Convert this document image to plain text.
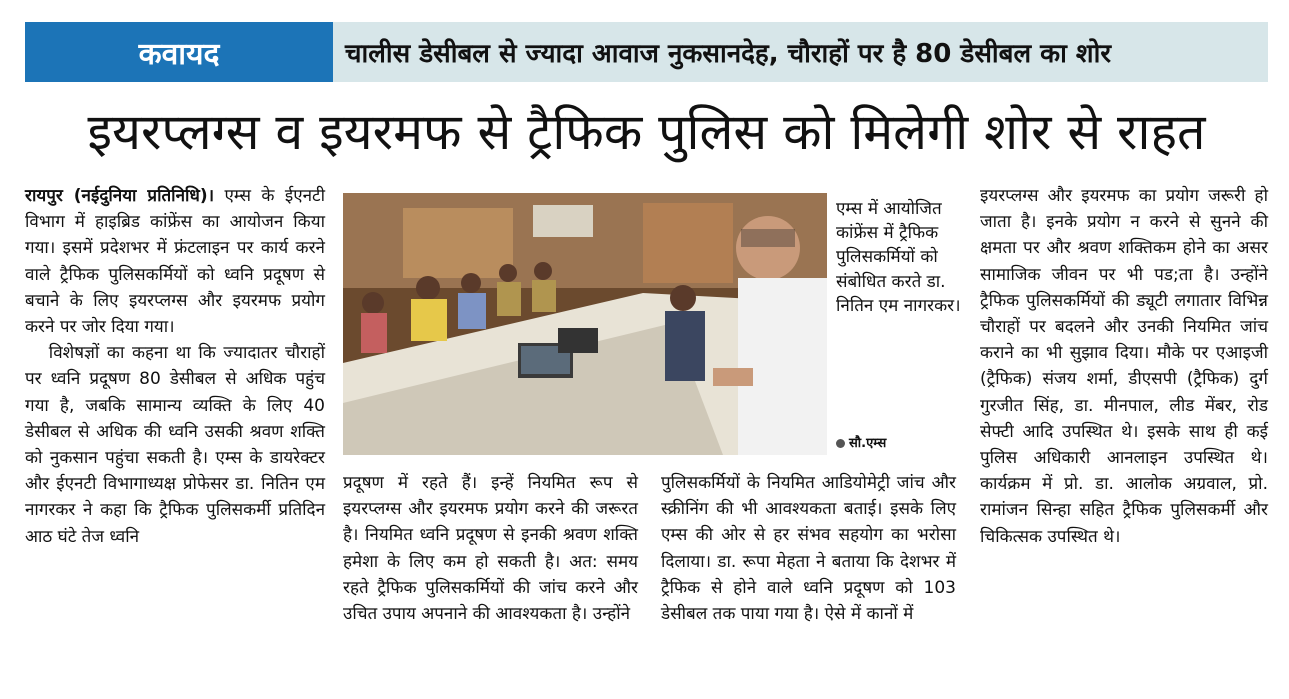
कवायद	चालीस डेसीबल से ज्यादा आवाज नुकसानदेह, चौराहों पर है 80 डेसीबल का शोर
इयरप्लग्स व इयरमफ से ट्रैफिक पुलिस को मिलेगी शोर से राहत

रायपुर (नईदुनिया प्रतिनिधि)। एम्स के ईएनटी विभाग में हाइब्रिड कांफ्रेंस का आयोजन किया गया। इसमें प्रदेशभर में फ्रंटलाइन पर कार्य करने वाले ट्रैफिक पुलिसकर्मियों को ध्वनि प्रदूषण से बचाने के लिए इयरप्लग्स और इयरमफ प्रयोग करने पर जोर दिया गया।

विशेषज्ञों का कहना था कि ज्यादातर चौराहों पर ध्वनि प्रदूषण 80 डेसीबल से अधिक पहुंच गया है, जबकि सामान्य व्यक्ति के लिए 40 डेसीबल से अधिक की ध्वनि उसकी श्रवण शक्ति को नुकसान पहुंचा सकती है। एम्स के डायरेक्टर और ईएनटी विभागाध्यक्ष प्रोफेसर डा. नितिन एम नागरकर ने कहा कि ट्रैफिक पुलिसकर्मी प्रतिदिन आठ घंटे तेज ध्वनि

एम्स में आयोजित कांफ्रेंस में ट्रैफिक पुलिसकर्मियों को संबोधित करते डा. नितिन एम नागरकर।
सौ.एम्स

प्रदूषण में रहते हैं। इन्हें नियमित रूप से इयरप्लग्स और इयरमफ प्रयोग करने की जरूरत है। नियमित ध्वनि प्रदूषण से इनकी श्रवण शक्ति हमेशा के लिए कम हो सकती है। अत: समय रहते ट्रैफिक पुलिसकर्मियों की जांच करने और उचित उपाय अपनाने की आवश्यकता है। उन्होंने

पुलिसकर्मियों के नियमित आडियोमेट्री जांच और स्क्रीनिंग की भी आवश्यकता बताई। इसके लिए एम्स की ओर से हर संभव सहयोग का भरोसा दिलाया। डा. रूपा मेहता ने बताया कि देशभर में ट्रैफिक से होने वाले ध्वनि प्रदूषण को 103 डेसीबल तक पाया गया है। ऐसे में कानों में

इयरप्लग्स और इयरमफ का प्रयोग जरूरी हो जाता है। इनके प्रयोग न करने से सुनने की क्षमता पर और श्रवण शक्तिकम होने का असर सामाजिक जीवन पर भी पड;ता है। उन्होंने ट्रैफिक पुलिसकर्मियों की ड्यूटी लगातार विभिन्न चौराहों पर बदलने और उनकी नियमित जांच कराने का भी सुझाव दिया। मौके पर एआइजी (ट्रैफिक) संजय शर्मा, डीएसपी (ट्रैफिक) दुर्ग गुरजीत सिंह, डा. मीनपाल, लीड मेंबर, रोड सेफ्टी आदि उपस्थित थे। इसके साथ ही कई पुलिस अधिकारी आनलाइन उपस्थित थे। कार्यक्रम में प्रो. डा. आलोक अग्रवाल, प्रो. रामांजन सिन्हा सहित ट्रैफिक पुलिसकर्मी और चिकित्सक उपस्थित थे।
